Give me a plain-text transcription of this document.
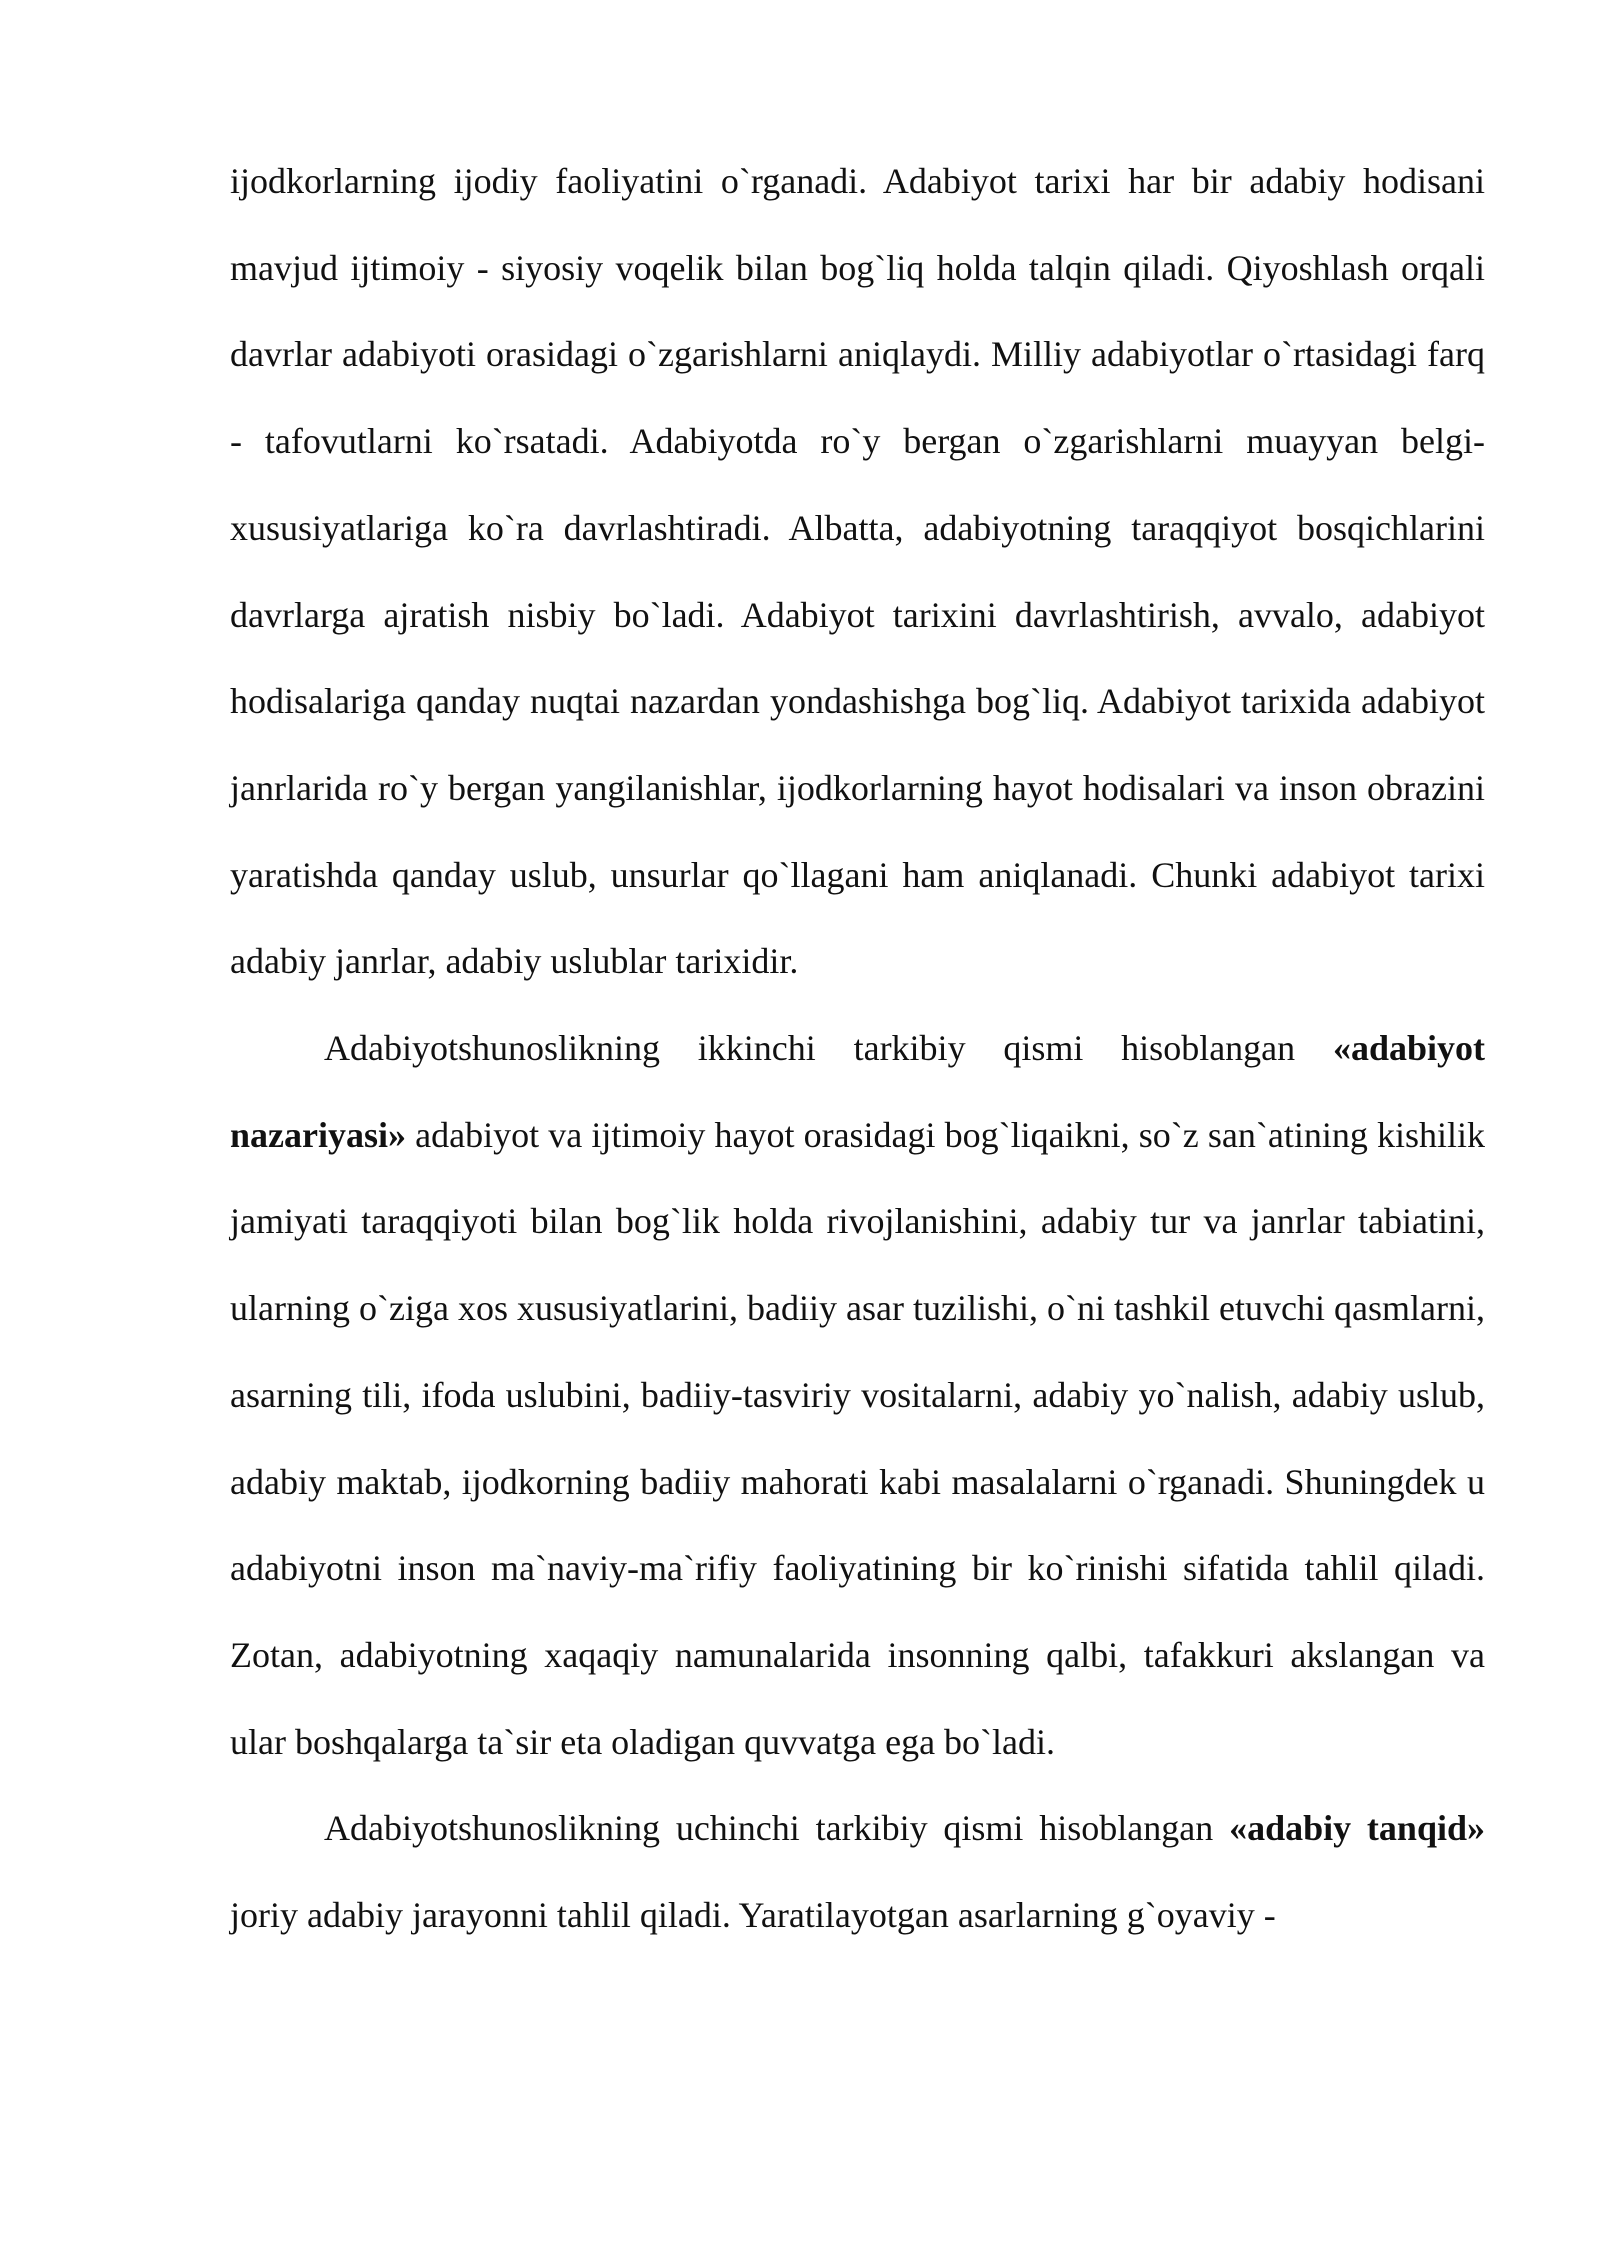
ijodkorlarning ijodiy faoliyatini o`rganadi. Adabiyot tarixi har bir adabiy hodisani mavjud ijtimoiy - siyosiy voqelik bilan bog`liq holda talqin qiladi. Qiyoshlash orqali davrlar adabiyoti orasidagi o`zgarishlarni aniqlaydi. Milliy adabiyotlar o`rtasidagi farq - tafovutlarni ko`rsatadi. Adabiyotda ro`y bergan o`zgarishlarni muayyan belgi-xususiyatlariga ko`ra davrlashtiradi. Albatta, adabiyotning taraqqiyot bosqichlarini davrlarga ajratish nisbiy bo`ladi. Adabiyot tarixini davrlashtirish, avvalo, adabiyot hodisalariga qanday nuqtai nazardan yondashishga bog`liq. Adabiyot tarixida adabiyot janrlarida ro`y bergan yangilanishlar, ijodkorlarning hayot hodisalari va inson obrazini yaratishda qanday uslub, unsurlar qo`llagani ham aniqlanadi. Chunki adabiyot tarixi adabiy janrlar, adabiy uslublar tarixidir.

Adabiyotshunoslikning ikkinchi tarkibiy qismi hisoblangan «adabiyot nazariyasi» adabiyot va ijtimoiy hayot orasidagi bog`liqaikni, so`z san`atining kishilik jamiyati taraqqiyoti bilan bog`lik holda rivojlanishini, adabiy tur va janrlar tabiatini, ularning o`ziga xos xususiyatlarini, badiiy asar tuzilishi, o`ni tashkil etuvchi qasmlarni, asarning tili, ifoda uslubini, badiiy-tasviriy vositalarni, adabiy yo`nalish, adabiy uslub, adabiy maktab, ijodkorning badiiy mahorati kabi masalalarni o`rganadi. Shuningdek u adabiyotni inson ma`naviy-ma`rifiy faoliyatining bir ko`rinishi sifatida tahlil qiladi. Zotan, adabiyotning xaqaqiy namunalarida insonning qalbi, tafakkuri akslangan va ular boshqalarga ta`sir eta oladigan quvvatga ega bo`ladi.

Adabiyotshunoslikning uchinchi tarkibiy qismi hisoblangan «adabiy tanqid» joriy adabiy jarayonni tahlil qiladi. Yaratilayotgan asarlarning g`oyaviy -
